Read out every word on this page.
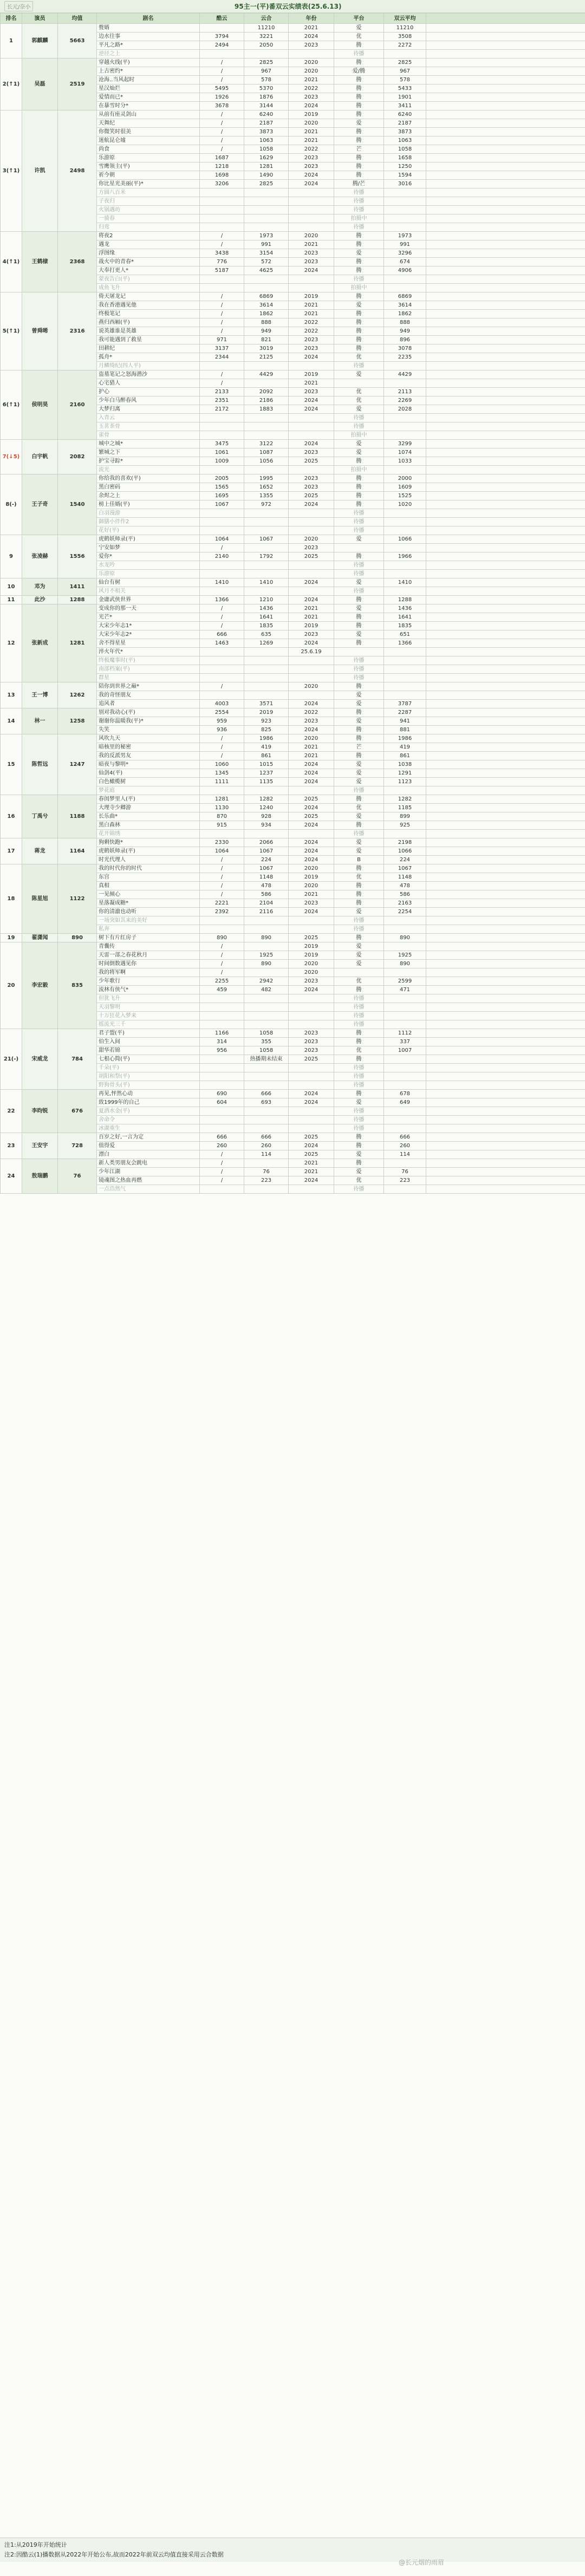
长元/奈小	95主一(平)番双云实绩表(25.6.13)
排名	演员	均值	剧名	酷云	云合	年份	平台	双云平均	
1	郭麒麟	5663	赘婿		11210	2021	爱	11210	
			边水往事	3794	3221	2024	优	3508	
			平凡之路*	2494	2050	2023	腾	2272	
			逆径之上				待播		
2(↑1)	吴磊	2519	穿越火线(平)	/	2825	2020	腾	2825	
			上古密约*	/	967	2020	爱/腾	967	
			沧海..当风起时	/	578	2021	腾	578	
			星汉灿烂	5495	5370	2022	腾	5433	
			爱情而已*	1926	1876	2023	腾	1901	
			在暴雪时分*	3678	3144	2024	腾	3411	
3(↑1)	许凯	2498	从前有座灵剑山	/	6240	2019	腾	6240	
			天舞纪	/	2187	2020	爱	2187	
			你微笑时很美	/	3873	2021	腾	3873	
			迷航昆仑墟	/	1063	2021	腾	1063	
			尚食	/	1058	2022	芒	1058	
			乐游原	1687	1629	2023	腾	1658	
			雪鹰领主(平)	1218	1281	2023	腾	1250	
			祈今朝	1698	1490	2024	腾	1594	
			你比星光美丽(平)*	3206	2825	2024	腾/芒	3016	
			方圆八百米				待播		
			子夜归				待播		
			火锅遇坊				待播		
			一骑春				拍摄中		
			归鸾				待播		
4(↑1)	王鹤棣	2368	将夜2	/	1973	2020	腾	1973	
			遇龙	/	991	2021	腾	991	
			浮图缘	3438	3154	2023	爱	3296	
			战火中的青春*	776	572	2023	腾	674	
			大奉打更人*	5187	4625	2024	腾	4906	
			蒙夜告白(平)				待播		
			成鱼飞升				拍摄中		
5(↑1)	曾舜晞	2316	倚天屠龙记	/	6869	2019	腾	6869	
			我在香港遇见他	/	3614	2021	爱	3614	
			终极笔记	/	1862	2021	腾	1862	
			燕归西厢(平)	/	888	2022	腾	888	
			说英雄谁是英雄	/	949	2022	腾	949	
			我可能遇到了救星	971	821	2023	腾	896	
			田耕纪	3137	3019	2023	腾	3078	
			孤舟*	2344	2125	2024	优	2235	
			月鳞绮纪(四人平)				待播		
6(↑1)	侯明昊	2160	盗墓笔记之怒海潜沙	/	4429	2019	爱	4429	
			心宅猎人	/		2021			
			护心	2133	2092	2023	优	2113	
			少年白马醉春风	2351	2186	2024	优	2269	
			大梦归离	2172	1883	2024	爱	2028	
			入青云				待播		
			玉茗茶骨				待播		
			雀骨				拍摄中		
7(↓5)	白宇帆	2082	城中之城*	3475	3122	2024	爱	3299	
			繁城之下	1061	1087	2023	爱	1074	
			护宝寻踪*	1009	1056	2025	腾	1033	
			流光				拍摄中		
8(-)	王子奇	1540	你给我的喜欢(平)	2005	1995	2023	腾	2000	
			黑白密码	1565	1652	2023	腾	1609	
			余烬之上	1695	1355	2025	腾	1525	
			榜上佳婿(平)	1067	972	2024	腾	1020	
			白羽漫游				待播		
			御膳小伴作2				待播		
			花好(平)				待播		
9	张凌赫	1556	虎鹤妖师录(平)	1064	1067	2020	爱	1066	
			宁安如梦	/		2023			
			爱你*	2140	1792	2025	腾	1966	
			水龙吟				待播		
			乐游原				待播		
10	邓为	1411	仙台有树	1410	1410	2024	爱	1410	
			风月不相关				待播		
11	此沙	1288	金庸武侠世界	1366	1210	2024	腾	1288	
12	张新成	1281	变成你的那一天	/	1436	2021	爱	1436	
			光芒*	/	1641	2021	腾	1641	
			大宋少年志1*	/	1835	2019	腾	1835	
			大宋少年志2*	666	635	2023	爱	651	
			舍不得星星	1463	1269	2024	腾	1366	
			淬火年代*			25.6.19			
			终极魔事时(平)				待播		
			南部档案(平)				待播		
			群星				待播		
13	王一博	1262	陪你到世界之巅*	/		2020	腾		
			我的奇怪朋友				爱		
			追风者	4003	3571	2024	爱	3787	
14	林一	1258	别对我动心(平)	2554	2019	2022	腾	2287	
			谢谢你温暖我(平)*	959	923	2023	爱	941	
			失笑	936	825	2024	腾	881	
15	陈哲远	1247	风吹九天	/	1986	2020	腾	1986	
			暗核里的秘密	/	419	2021	芒	419	
			我的反派男友	/	861	2021	腾	861	
			暗夜与黎明*	1060	1015	2024	爱	1038	
			仙剑4(平)	1345	1237	2024	爱	1291	
			白色橄榄树	1111	1135	2024	爱	1123	
			梦花庭				待播		
16	丁禹兮	1188	春闺梦里人(平)	1281	1282	2025	腾	1282	
			大理寺少卿游	1130	1240	2024	优	1185	
			长乐曲*	870	928	2025	爱	899	
			黑白森林	915	934	2024	腾	925	
			花开锦绣				待播		
17	蒋龙	1164	狗剩快跑*	2330	2066	2024	爱	2198	
			虎鹤妖师录(平)	1064	1067	2024	爱	1066	
			时光代理人	/	224	2024	B	224	
18	陈星旭	1122	我的时代你的时代	/	1067	2020	腾	1067	
			东宫	/	1148	2019	优	1148	
			真相	/	478	2020	腾	478	
			一见倾心	/	586	2021	腾	586	
			星落凝成糖*	2221	2104	2023	腾	2163	
			你的清澈也动听	2392	2116	2024	爱	2254	
			一场突如其来的美好				待播		
			私奔				待播		
19	翟潇闻	890	树下有片红房子	890	890	2025	腾	890	
20	李宏毅	835	青囊传	/		2019	爱		
			天雷一部之春花秋月	/	1925	2019	爱	1925	
			时间倒数遇见你	/	890	2020	爱	890	
			我的将军啊	/		2020			
			少年歌行	2255	2942	2023	优	2599	
			流林有侠气*	459	482	2024	腾	471	
			但犹飞升				待播		
			天羽黎明				待播		
			十万狂花入梦来				待播		
			摇流光三千				待播		
21(-)	宋威龙	784	君子盟(平)	1166	1058	2023	腾	1112	
			伯生入间	314	355	2023	腾	337	
			甜华若锦	956	1058	2023	优	1007	
			七根心简(平)		热播期未结束	2025	腾		
			千朵(平)				待播		
			胡阳和祭(平)				待播		
			野狗骨头(平)				待播		
22	李昀锐	676	再见,怦然心动	690	666	2024	腾	678	
			致1999年的自己	604	693	2024	爱	649	
			夏洒水金(平)				待播		
			舍命令				待播		
			冰湖重生				待播		
23	王安宇	728	百岁之好,一言为定	666	666	2025	腾	666	
			值得爱	260	260	2024	腾	260	
			漂白	/	114	2025	爱	114	
24	敖瑞鹏	76	新人类男朋友会跳电	/		2021	腾		
			少年江湖	/	76	2021	爱	76	
			镜魂图之热血再燃	/	223	2024	优	223	
			一点浩然气				待播		
注1:从2019年开始统计
注2:因酷云(1)播数据从2022年开始公布,故而2022年前双云均值直接采用云合数据
@长元烟的雨眉
